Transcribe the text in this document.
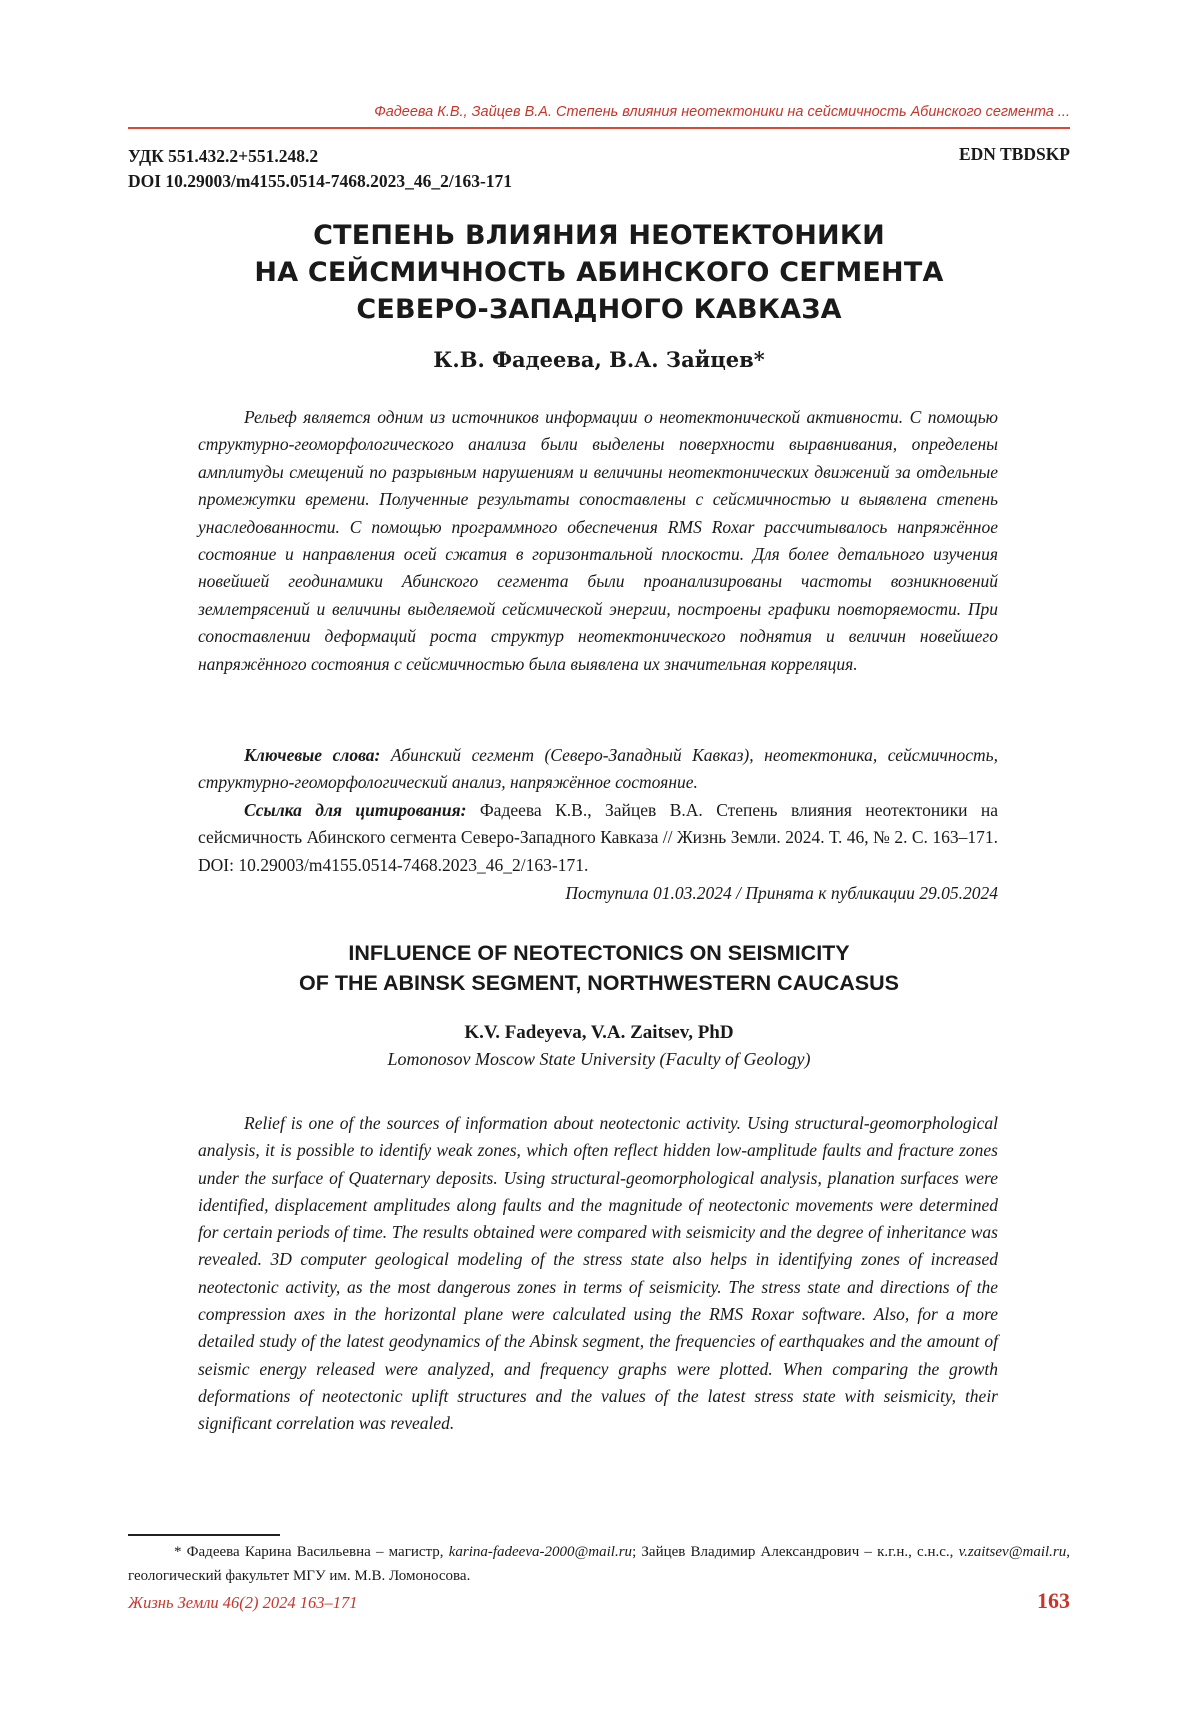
Фадеева К.В., Зайцев В.А. Степень влияния неотектоники на сейсмичность Абинского сегмента ...
УДК 551.432.2+551.248.2
DOI 10.29003/m4155.0514-7468.2023_46_2/163-171
EDN TBDSKP
СТЕПЕНЬ ВЛИЯНИЯ НЕОТЕКТОНИКИ
НА СЕЙСМИЧНОСТЬ АБИНСКОГО СЕГМЕНТА
СЕВЕРО-ЗАПАДНОГО КАВКАЗА
К.В. Фадеева, В.А. Зайцев*

Рельеф является одним из источников информации о неотектонической активности. С помощью структурно-геоморфологического анализа были выделены поверхности выравнивания, определены амплитуды смещений по разрывным нарушениям и величины неотектонических движений за отдельные промежутки времени. Полученные результаты сопоставлены с сейсмичностью и выявлена степень унаследованности. С помощью программного обеспечения RMS Roxar рассчитывалось напряжённое состояние и направления осей сжатия в горизонтальной плоскости. Для более детального изучения новейшей геодинамики Абинского сегмента были проанализированы частоты возникновений землетрясений и величины выделяемой сейсмической энергии, построены графики повторяемости. При сопоставлении деформаций роста структур неотектонического поднятия и величин новейшего напряжённого состояния с сейсмичностью была выявлена их значительная корреляция.

Ключевые слова: Абинский сегмент (Северо-Западный Кавказ), неотектоника, сейсмичность, структурно-геоморфологический анализ, напряжённое состояние.

Ссылка для цитирования: Фадеева К.В., Зайцев В.А. Степень влияния неотектоники на сейсмичность Абинского сегмента Северо-Западного Кавказа // Жизнь Земли. 2024. Т. 46, № 2. С. 163–171. DOI: 10.29003/m4155.0514-7468.2023_46_2/163-171.

Поступила 01.03.2024 / Принята к публикации 29.05.2024
INFLUENCE OF NEOTECTONICS ON SEISMICITY
OF THE ABINSK SEGMENT, NORTHWESTERN CAUCASUS
K.V. Fadeyeva, V.A. Zaitsev, PhD
Lomonosov Moscow State University (Faculty of Geology)

Relief is one of the sources of information about neotectonic activity. Using structural-geomorphological analysis, it is possible to identify weak zones, which often reflect hidden low-amplitude faults and fracture zones under the surface of Quaternary deposits. Using structural-geomorphological analysis, planation surfaces were identified, displacement amplitudes along faults and the magnitude of neotectonic movements were determined for certain periods of time. The results obtained were compared with seismicity and the degree of inheritance was revealed. 3D computer geological modeling of the stress state also helps in identifying zones of increased neotectonic activity, as the most dangerous zones in terms of seismicity. The stress state and directions of the compression axes in the horizontal plane were calculated using the RMS Roxar software. Also, for a more detailed study of the latest geodynamics of the Abinsk segment, the frequencies of earthquakes and the amount of seismic energy released were analyzed, and frequency graphs were plotted. When comparing the growth deformations of neotectonic uplift structures and the values of the latest stress state with seismicity, their significant correlation was revealed.

* Фадеева Карина Васильевна – магистр, karina-fadeeva-2000@mail.ru; Зайцев Владимир Александрович – к.г.н., с.н.с., v.zaitsev@mail.ru, геологический факультет МГУ им. М.В. Ломоносова.

Жизнь Земли 46(2) 2024 163–171	163
